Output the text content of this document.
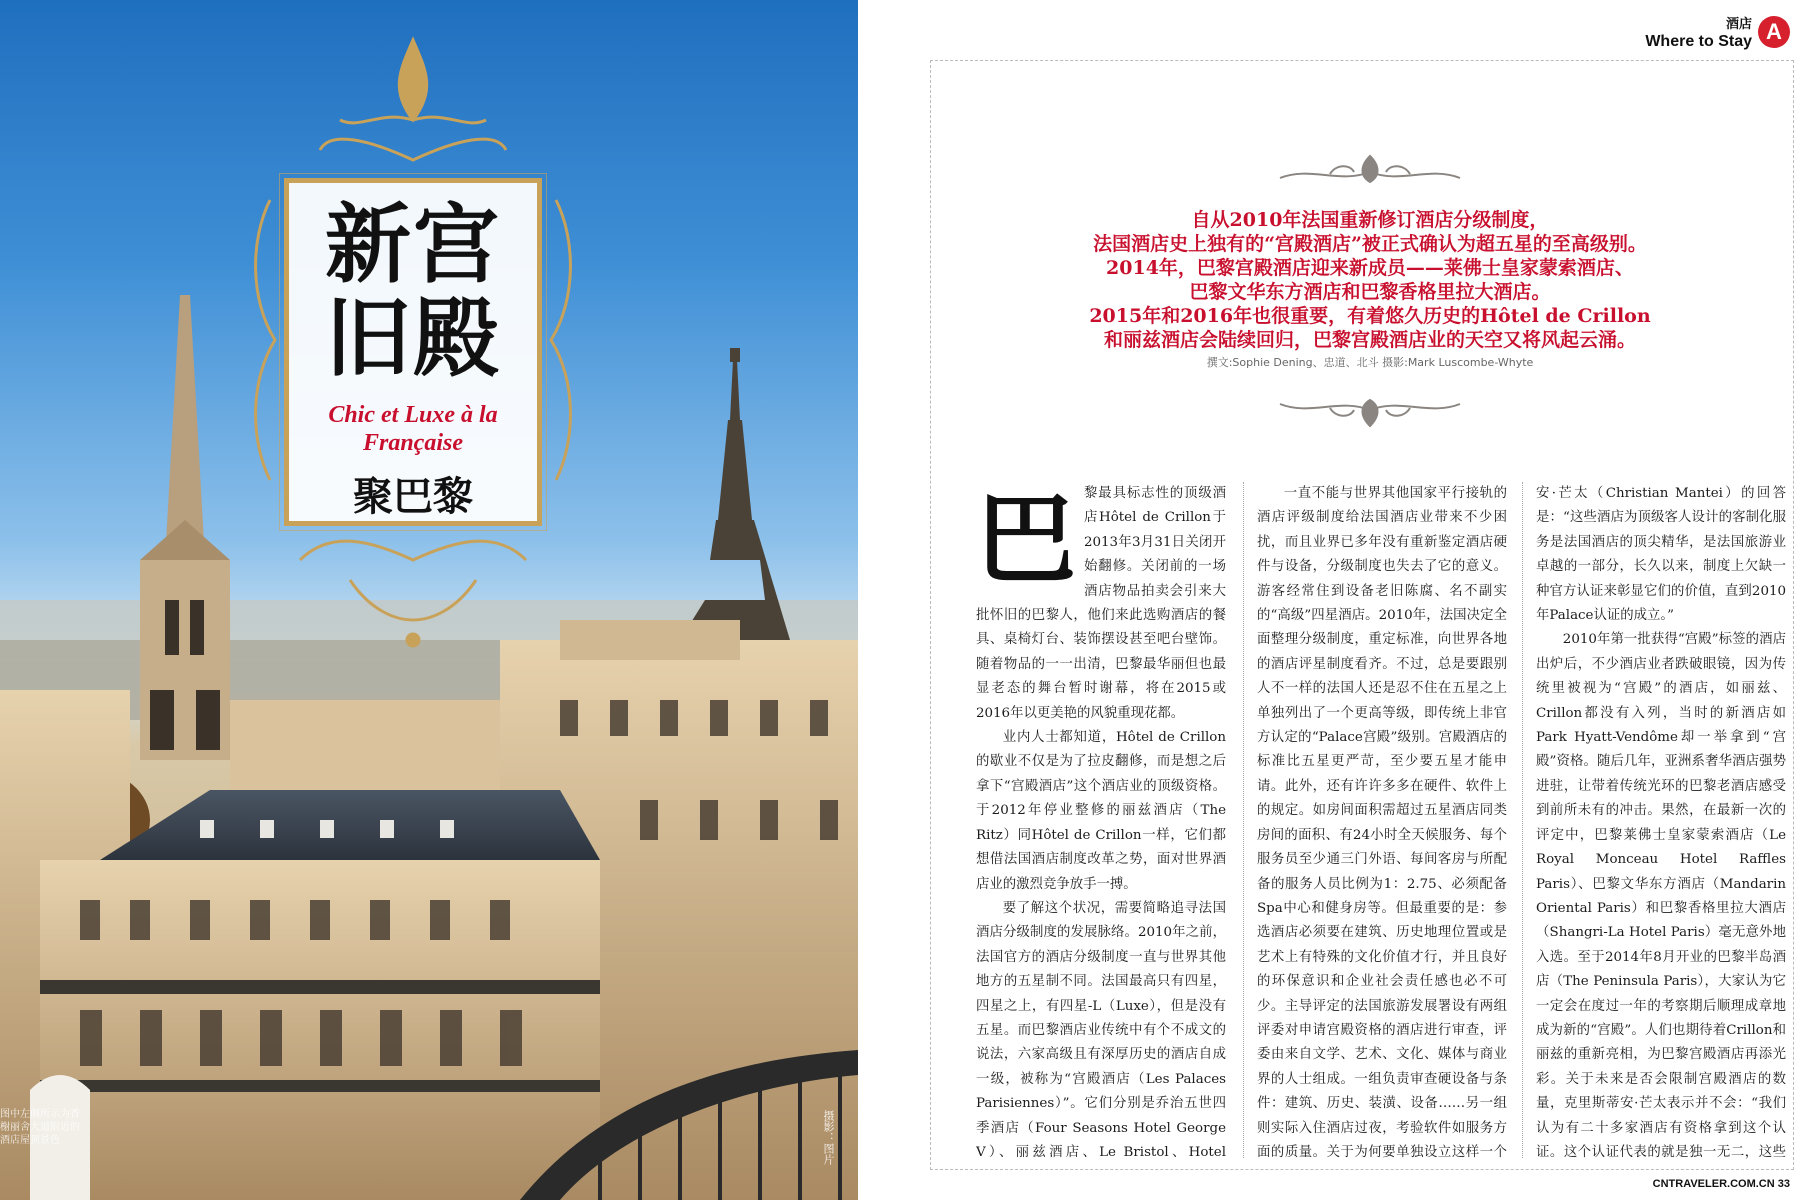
新宫
旧殿
Chic et Luxe à la
Française
聚巴黎
图中左侧所示为香榭丽舍大道附近的酒店屋顶景色	摄影：图片
酒店
Where to Stay A
自从2010年法国重新修订酒店分级制度，
法国酒店史上独有的“宫殿酒店”被正式确认为超五星的至高级别。
2014年，巴黎宫殿酒店迎来新成员——莱佛士皇家蒙索酒店、
巴黎文华东方酒店和巴黎香格里拉大酒店。
2015年和2016年也很重要，有着悠久历史的Hôtel de Crillon
和丽兹酒店会陆续回归，巴黎宫殿酒店业的天空又将风起云涌。
撰文:Sophie Dening、忠道、北斗 摄影:Mark Luscombe-Whyte
巴 黎最具标志性的顶级酒店Hôtel de Crillon于2013年3月31日关闭开始翻修。关闭前的一场酒店物品拍卖会引来大批怀旧的巴黎人，他们来此选购酒店的餐具、桌椅灯台、装饰摆设甚至吧台壁饰。随着物品的一一出清，巴黎最华丽但也最显老态的舞台暂时谢幕，将在2015或2016年以更美艳的风貌重现花都。

业内人士都知道，Hôtel de Crillon的歇业不仅是为了拉皮翻修，而是想之后拿下“宫殿酒店”这个酒店业的顶级资格。于2012年停业整修的丽兹酒店（The Ritz）同Hôtel de Crillon一样，它们都想借法国酒店制度改革之势，面对世界酒店业的激烈竞争放手一搏。

要了解这个状况，需要简略追寻法国酒店分级制度的发展脉络。2010年之前，法国官方的酒店分级制度一直与世界其他地方的五星制不同。法国最高只有四星，四星之上，有四星-L（Luxe），但是没有五星。而巴黎酒店业传统中有个不成文的说法，六家高级且有深厚历史的酒店自成一级，被称为“宫殿酒店（Les Palaces Parisiennes）”。它们分别是乔治五世四季酒店（Four Seasons Hotel George V）、丽兹酒店、Le Bristol、Hotel

一直不能与世界其他国家平行接轨的酒店评级制度给法国酒店业带来不少困扰，而且业界已多年没有重新鉴定酒店硬件与设备，分级制度也失去了它的意义。游客经常住到设备老旧陈腐、名不副实的“高级”四星酒店。2010年，法国决定全面整理分级制度，重定标准，向世界各地的酒店评星制度看齐。不过，总是要跟别人不一样的法国人还是忍不住在五星之上单独列出了一个更高等级，即传统上非官方认定的“Palace宫殿”级别。宫殿酒店的标准比五星更严苛，至少要五星才能申请。此外，还有许许多多在硬件、软件上的规定。如房间面积需超过五星酒店同类房间的面积、有24小时全天候服务、每个服务员至少通三门外语、每间客房与所配备的服务人员比例为1：2.75、必须配备Spa中心和健身房等。但最重要的是：参选酒店必须要在建筑、历史地理位置或是艺术上有特殊的文化价值才行，并且良好的环保意识和企业社会责任感也必不可少。主导评定的法国旅游发展署设有两组评委对申请宫殿资格的酒店进行审查，评委由来自文学、艺术、文化、媒体与商业界的人士组成。一组负责审查硬设备与条件：建筑、历史、装潢、设备……另一组则实际入住酒店过夜，考验软件如服务方面的质量。关于为何要单独设立这样一个

安·芒太（Christian Mantei）的回答是：“这些酒店为顶级客人设计的客制化服务是法国酒店的顶尖精华，是法国旅游业卓越的一部分，长久以来，制度上欠缺一种官方认证来彰显它们的价值，直到2010年Palace认证的成立。”

2010年第一批获得“宫殿”标签的酒店出炉后，不少酒店业者跌破眼镜，因为传统里被视为“宫殿”的酒店，如丽兹、Crillon都没有入列，当时的新酒店如Park Hyatt-Vendôme却一举拿到“宫殿”资格。随后几年，亚洲系奢华酒店强势进驻，让带着传统光环的巴黎老酒店感受到前所未有的冲击。果然，在最新一次的评定中，巴黎莱佛士皇家蒙索酒店（Le Royal Monceau Hotel Raffles Paris）、巴黎文华东方酒店（Mandarin Oriental Paris）和巴黎香格里拉大酒店（Shangri-La Hotel Paris）毫无意外地入选。至于2014年8月开业的巴黎半岛酒店（The Peninsula Paris），大家认为它一定会在度过一年的考察期后顺理成章地成为新的“宫殿”。人们也期待着Crillon和丽兹的重新亮相，为巴黎宫殿酒店再添光彩。关于未来是否会限制宫殿酒店的数量，克里斯蒂安·芒太表示并不会：“我们认为有二十多家酒店有资格拿到这个认证。这个认证代表的就是独一无二，这些

CNTRAVELER.COM.CN 33
